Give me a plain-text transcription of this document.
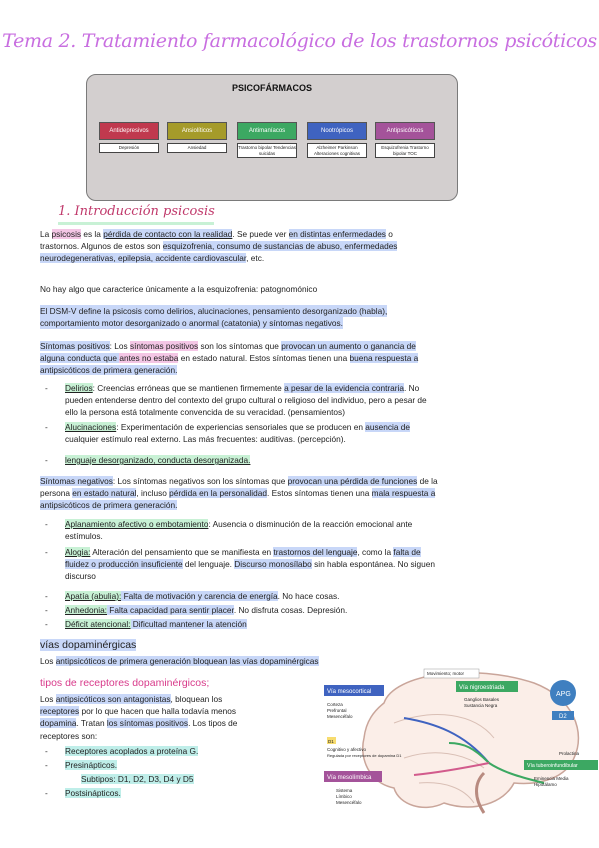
Tema 2. Tratamiento farmacológico de los trastornos psicóticos
PSICOFÁRMACOS
Antidepresivos
Depresión
Ansiolíticos
Ansiedad
Antimaníacos
Trastorno bipolar Tendencias suicidas
Nootrópicos
Alzheimer Parkinson Alteraciones cognitivas
Antipsicóticos
Esquizofrenia Trastorno bipolar TOC
1. Introducción psicosis
La psicosis es la pérdida de contacto con la realidad. Se puede ver en distintas enfermedades o
trastornos. Algunos de estos son esquizofrenia, consumo de sustancias de abuso, enfermedades
neurodegenerativas, epilepsia, accidente cardiovascular, etc.
No hay algo que caracterice únicamente a la esquizofrenia: patognomónico
El DSM-V define la psicosis como delirios, alucinaciones, pensamiento desorganizado (habla), comportamiento motor desorganizado o anormal (catatonia) y síntomas negativos.
Síntomas positivos: Los síntomas positivos son los síntomas que provocan un aumento o ganancia de
alguna conducta que antes no estaba en estado natural. Estos síntomas tienen una buena respuesta a
antipsicóticos de primera generación.
- Delirios: Creencias erróneas que se mantienen firmemente a pesar de la evidencia contraria. No
pueden entenderse dentro del contexto del grupo cultural o religioso del individuo, pero a pesar de
ello la persona está totalmente convencida de su veracidad. (pensamientos)
- Alucinaciones: Experimentación de experiencias sensoriales que se producen en ausencia de
cualquier estímulo real externo. Las más frecuentes: auditivas. (percepción).
- lenguaje desorganizado, conducta desorganizada.
Síntomas negativos: Los síntomas negativos son los síntomas que provocan una pérdida de funciones de la
persona en estado natural, incluso pérdida en la personalidad. Estos síntomas tienen una mala respuesta a
antipsicóticos de primera generación.
- Aplanamiento afectivo o embotamiento: Ausencia o disminución de la reacción emocional ante
estímulos.
- Alogia: Alteración del pensamiento que se manifiesta en trastornos del lenguaje, como la falta de
fluidez o producción insuficiente del lenguaje. Discurso monosílabo sin habla espontánea. No siguen
discurso
- Apatía (abulia): Falta de motivación y carencia de energía. No hace cosas.
- Anhedonia: Falta capacidad para sentir placer. No disfruta cosas. Depresión.
- Déficit atencional: Dificultad mantener la atención
vías dopaminérgicas
Los antipsicóticos de primera generación bloquean las vías dopaminérgicas
tipos de receptores dopaminérgicos;
Los antipsicóticos son antagonistas, bloquean los
receptores por lo que hacen que halla todavía menos
dopamina. Tratan los síntomas positivos. Los tipos de
receptores son:
- Receptores acoplados a proteína G.
- Presinápticos.
Subtipos: D1, D2, D3, D4 y D5
- Postsinápticos.
Vía mesocortical
Corteza
Prefrontal
Mesencéfalo
Vía mesolímbica
Sistema
Límbico
Mesencéfalo
Cognitivo y afectivo
Regulada por receptores de dopamina D1
D1
Movimiento; motor
Vía nigroestriada
Ganglios Basales
Sustancia Negra
APG
D2
Prolactina
Vía tuberoinfundibular
Eminencia Media
Hipotálamo
